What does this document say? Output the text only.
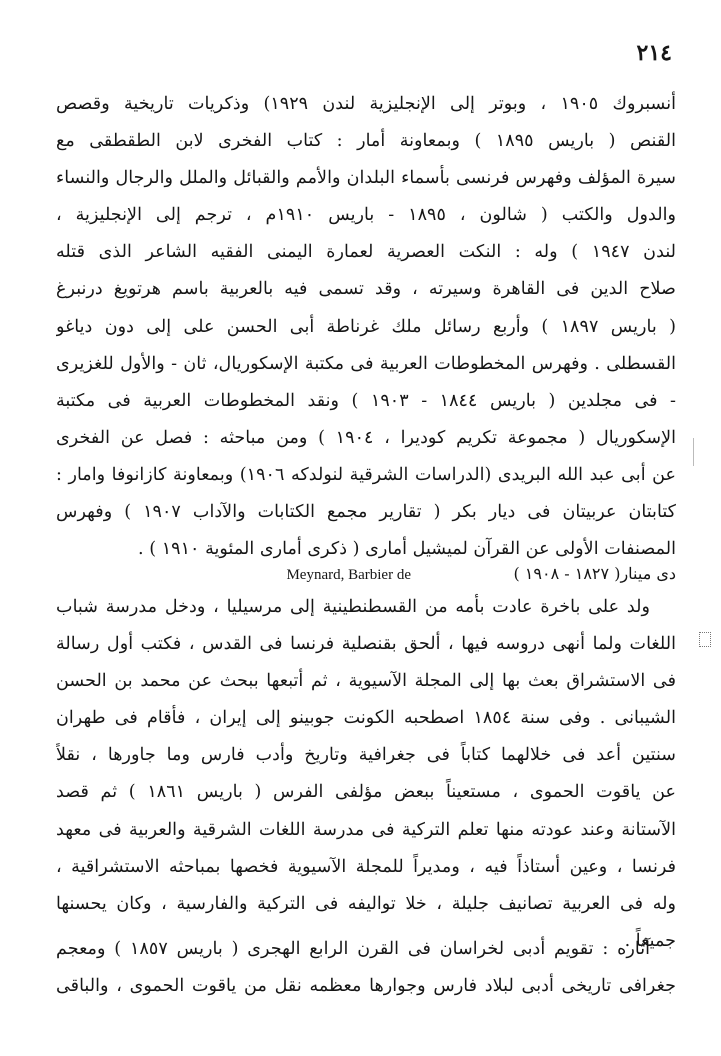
٢١٤
أنسبروك ١٩٠٥ ، وبوتر إلى الإنجليزية لندن ١٩٢٩) وذكريات تاريخية وقصص
القنص ( باريس ١٨٩٥ ) وبمعاونة أمار : كتاب الفخرى لابن الطقطقى مع
سيرة المؤلف وفهرس فرنسى بأسماء البلدان والأمم والقبائل والملل والرجال والنساء
والدول والكتب ( شالون ، ١٨٩٥ - باريس ١٩١٠م ، ترجم إلى الإنجليزية ،
لندن ١٩٤٧ ) وله : النكت العصرية لعمارة اليمنى الفقيه الشاعر الذى قتله
صلاح الدين فى القاهرة وسيرته ، وقد تسمى فيه بالعربية باسم هرتويغ درنبرغ
( باريس ١٨٩٧ ) وأربع رسائل ملك غرناطة أبى الحسن على إلى دون دياغو
القسطلى . وفهرس المخطوطات العربية فى مكتبة الإسكوريال، ثان - والأول للغزيرى
- فى مجلدين ( باريس ١٨٤٤ - ١٩٠٣ ) ونقد المخطوطات العربية فى مكتبة
الإسكوريال ( مجموعة تكريم كوديرا ، ١٩٠٤ ) ومن مباحثه : فصل عن الفخرى
عن أبى عبد الله البريدى (الدراسات الشرقية لنولدكه ١٩٠٦) وبمعاونة كازانوفا وامار :
كتابتان عربيتان فى ديار بكر ( تقارير مجمع الكتابات والآداب ١٩٠٧ ) وفهرس
المصنفات الأولى عن القرآن لميشيل أمارى ( ذكرى أمارى المئوية ١٩١٠ ) .
دى مينار( ١٨٢٧ - ١٩٠٨ )
Meynard, Barbier de
ولد على باخرة عادت بأمه من القسطنطينية إلى مرسيليا ، ودخل مدرسة شباب
اللغات ولما أنهى دروسه فيها ، ألحق بقنصلية فرنسا فى القدس ، فكتب أول رسالة
فى الاستشراق بعث بها إلى المجلة الآسيوية ، ثم أتبعها ببحث عن محمد بن الحسن
الشيبانى . وفى سنة ١٨٥٤ اصطحبه الكونت جوبينو إلى إيران ، فأقام فى طهران
سنتين أعد فى خلالهما كتاباً فى جغرافية وتاريخ وأدب فارس وما جاورها ، نقلاً
عن ياقوت الحموى ، مستعيناً ببعض مؤلفى الفرس ( باريس ١٨٦١ ) ثم قصد
الآستانة وعند عودته منها تعلم التركية فى مدرسة اللغات الشرقية والعربية فى معهد
فرنسا ، وعين أستاذاً فيه ، ومديراً للمجلة الآسيوية فخصها بمباحثه الاستشراقية ،
وله فى العربية تصانيف جليلة ، خلا تواليفه فى التركية والفارسية ، وكان يحسنها
جميعاً .
آثاره : تقويم أدبى لخراسان فى القرن الرابع الهجرى ( باريس ١٨٥٧ ) ومعجم
جغرافى تاريخى أدبى لبلاد فارس وجوارها معظمه نقل من ياقوت الحموى ، والباقى
